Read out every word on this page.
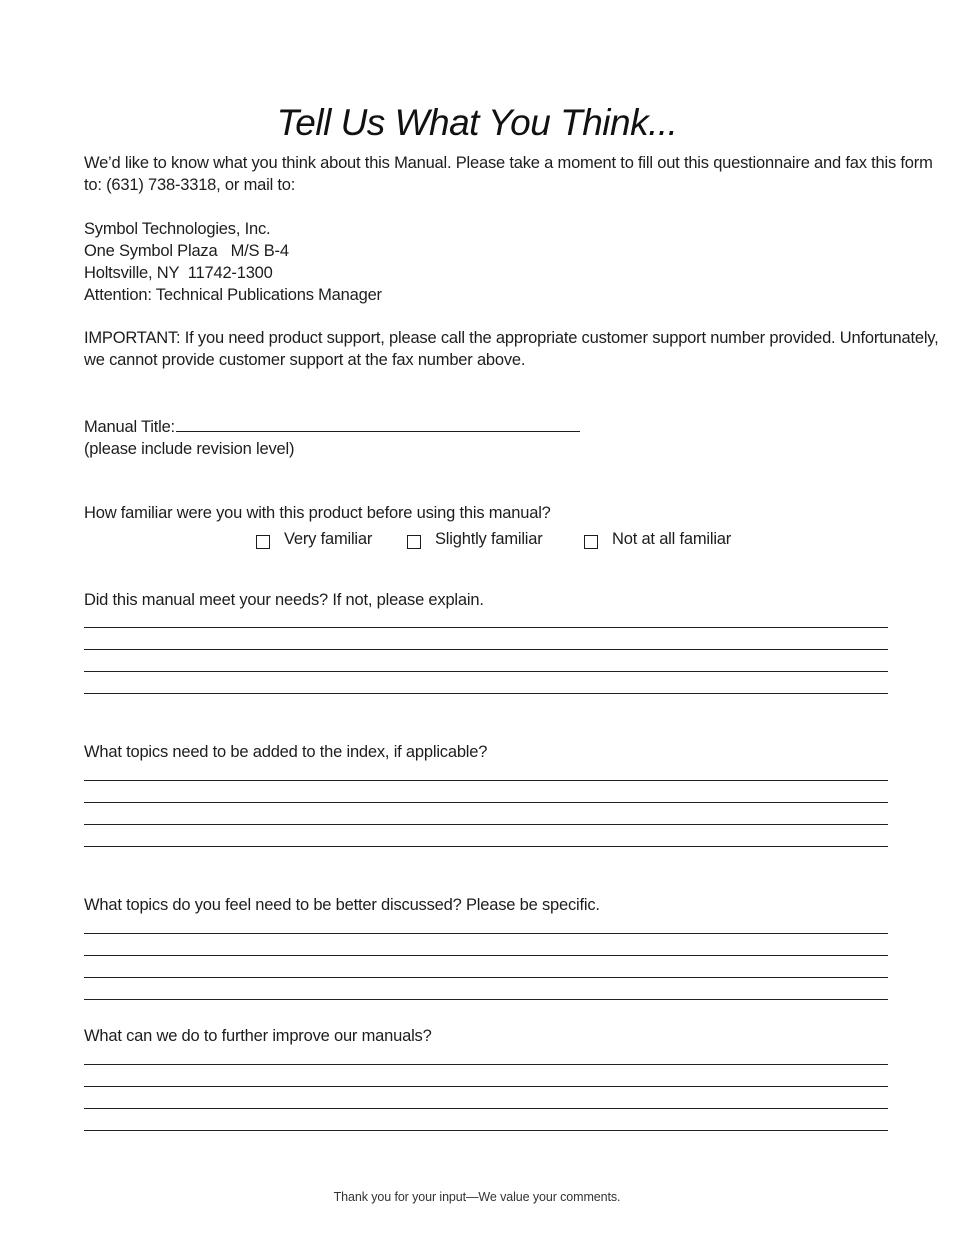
Tell Us What You Think...
We’d like to know what you think about this Manual. Please take a moment to fill out this questionnaire and fax this form
to: (631) 738-3318, or mail to:
Symbol Technologies, Inc.
One Symbol Plaza   M/S B-4
Holtsville, NY  11742-1300
Attention: Technical Publications Manager
IMPORTANT: If you need product support, please call the appropriate customer support number provided. Unfortunately,
we cannot provide customer support at the fax number above.
Manual Title:
(please include revision level)
How familiar were you with this product before using this manual?
Very familiar	Slightly familiar	Not at all familiar
Did this manual meet your needs? If not, please explain.
What topics need to be added to the index, if applicable?
What topics do you feel need to be better discussed? Please be specific.
What can we do to further improve our manuals?
Thank you for your input—We value your comments.
